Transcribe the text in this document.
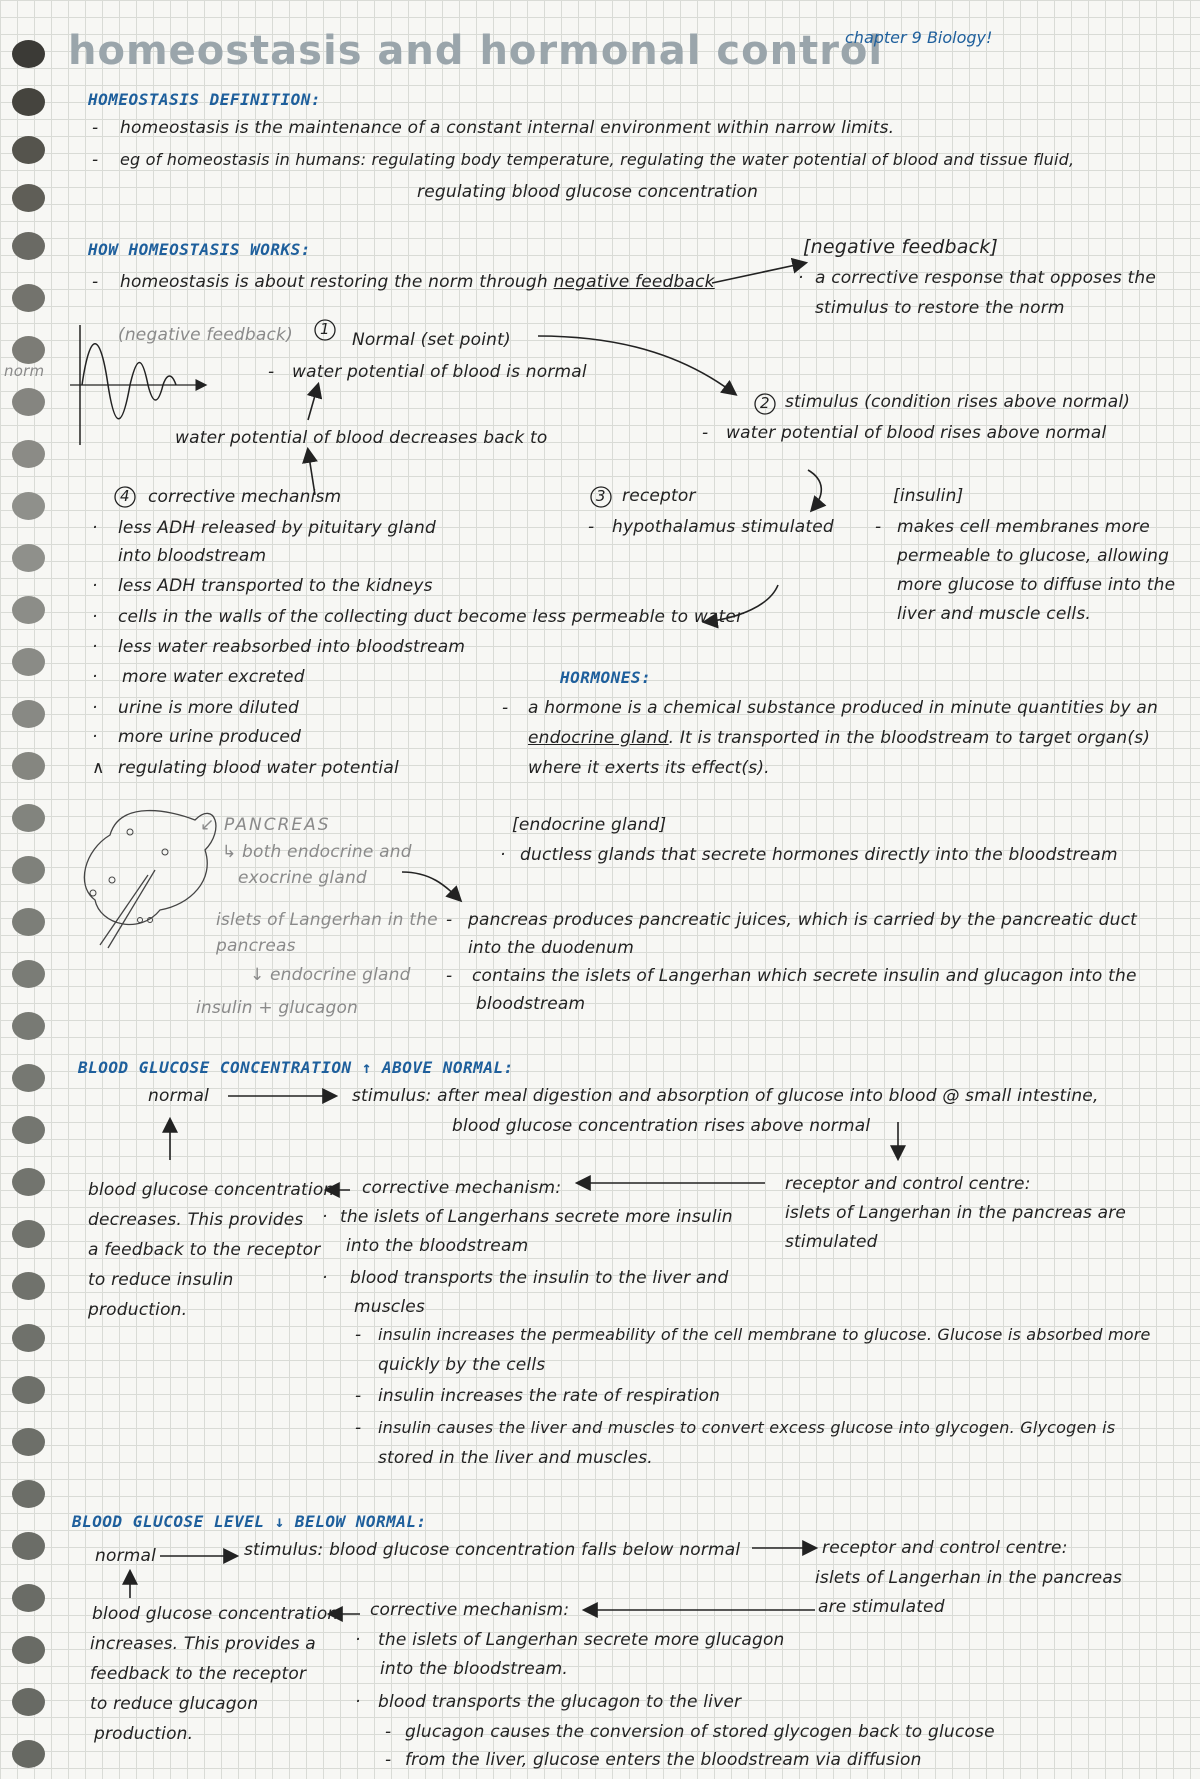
homeostasis and hormonal control
chapter 9 Biology!
HOMEOSTASIS DEFINITION:
- homeostasis is the maintenance of a constant internal environment within narrow limits.
- eg of homeostasis in humans: regulating body temperature, regulating the water potential of blood and tissue fluid,
regulating blood glucose concentration
HOW HOMEOSTASIS WORKS:
- homeostasis is about restoring the norm through negative feedback
[negative feedback]
· a corrective response that opposes the
stimulus to restore the norm
(negative feedback)
norm
1
Normal (set point)
- water potential of blood is normal
2 stimulus (condition rises above normal)
- water potential of blood rises above normal
water potential of blood decreases back to
3 receptor
- hypothalamus stimulated
[insulin]
- makes cell membranes more
permeable to glucose, allowing
more glucose to diffuse into the
liver and muscle cells.
4 corrective mechanism
· less ADH released by pituitary gland
into bloodstream
· less ADH transported to the kidneys
· cells in the walls of the collecting duct become less permeable to water
· less water reabsorbed into bloodstream
· more water excreted
· urine is more diluted
· more urine produced
∧ regulating blood water potential
HORMONES:
- a hormone is a chemical substance produced in minute quantities by an
endocrine gland. It is transported in the bloodstream to target organ(s)
where it exerts its effect(s).
↙ PANCREAS
↳ both endocrine and
exocrine gland
islets of Langerhan in the
pancreas
↓ endocrine gland
insulin + glucagon
[endocrine gland]
· ductless glands that secrete hormones directly into the bloodstream
- pancreas produces pancreatic juices, which is carried by the pancreatic duct
into the duodenum
- contains the islets of Langerhan which secrete insulin and glucagon into the
bloodstream
BLOOD GLUCOSE CONCENTRATION ↑ ABOVE NORMAL:
normal	stimulus: after meal digestion and absorption of glucose into blood @ small intestine,
blood glucose concentration rises above normal
receptor and control centre:
islets of Langerhan in the pancreas are
stimulated
blood glucose concentration
decreases. This provides
a feedback to the receptor
to reduce insulin
production.
corrective mechanism:
· the islets of Langerhans secrete more insulin
into the bloodstream
· blood transports the insulin to the liver and
muscles
- insulin increases the permeability of the cell membrane to glucose. Glucose is absorbed more
quickly by the cells
- insulin increases the rate of respiration
- insulin causes the liver and muscles to convert excess glucose into glycogen. Glycogen is
stored in the liver and muscles.
BLOOD GLUCOSE LEVEL ↓ BELOW NORMAL:
normal	stimulus: blood glucose concentration falls below normal	receptor and control centre:
islets of Langerhan in the pancreas
are stimulated
blood glucose concentration
increases. This provides a
feedback to the receptor
to reduce glucagon
production.
corrective mechanism:
· the islets of Langerhan secrete more glucagon
into the bloodstream.
· blood transports the glucagon to the liver
- glucagon causes the conversion of stored glycogen back to glucose
- from the liver, glucose enters the bloodstream via diffusion
